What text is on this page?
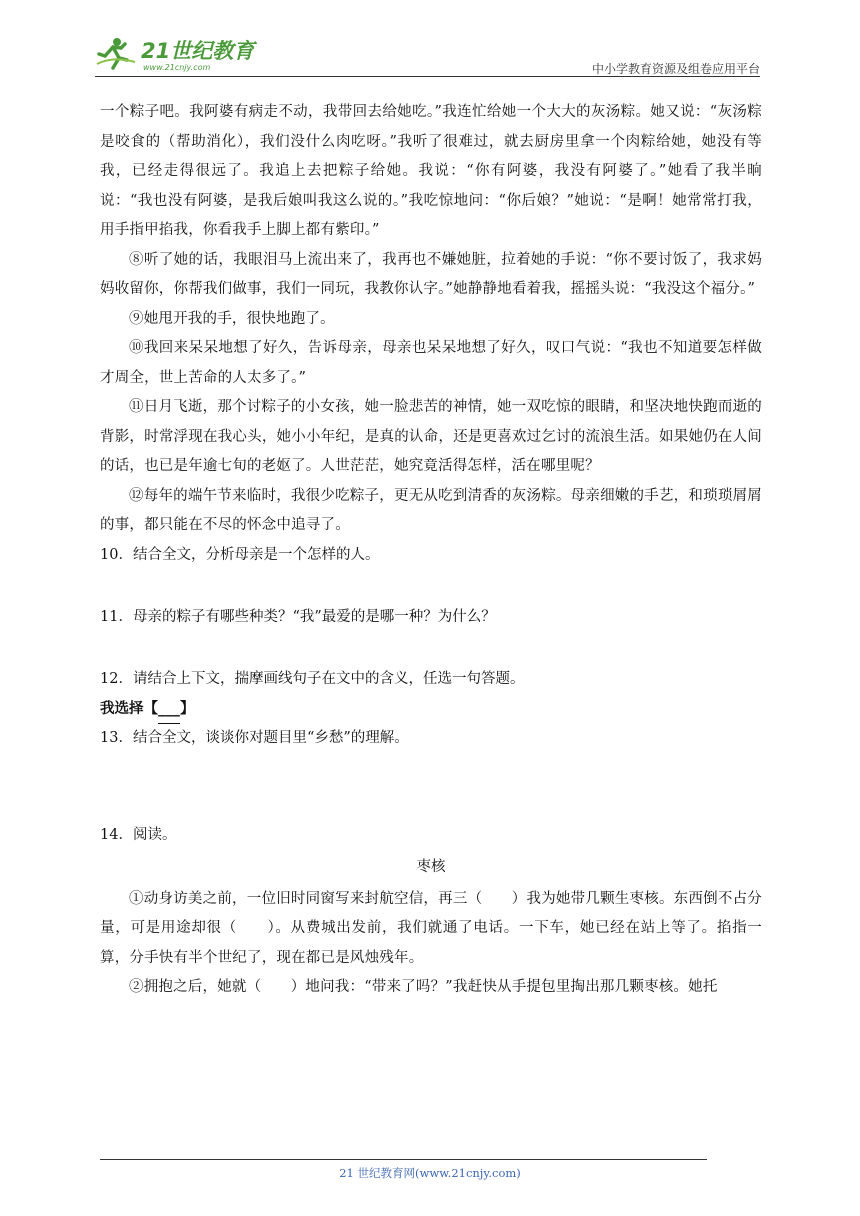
21世纪教育
www.21cnjy.com	中小学教育资源及组卷应用平台

一个粽子吧。我阿婆有病走不动，我带回去给她吃。”我连忙给她一个大大的灰汤粽。她又说：“灰汤粽是咬食的（帮助消化），我们没什么肉吃呀。”我听了很难过，就去厨房里拿一个肉粽给她，她没有等我，已经走得很远了。我追上去把粽子给她。我说：“你有阿婆，我没有阿婆了。”她看了我半晌说：“我也没有阿婆，是我后娘叫我这么说的。”我吃惊地问：“你后娘？”她说：“是啊！她常常打我，用手指甲掐我，你看我手上脚上都有紫印。”

⑧听了她的话，我眼泪马上流出来了，我再也不嫌她脏，拉着她的手说：“你不要讨饭了，我求妈妈收留你，你帮我们做事，我们一同玩，我教你认字。”她静静地看着我，摇摇头说：“我没这个福分。”

⑨她甩开我的手，很快地跑了。

⑩我回来呆呆地想了好久，告诉母亲，母亲也呆呆地想了好久，叹口气说：“我也不知道要怎样做才周全，世上苦命的人太多了。”

⑪日月飞逝，那个讨粽子的小女孩，她一脸悲苦的神情，她一双吃惊的眼睛，和坚决地快跑而逝的背影，时常浮现在我心头，她小小年纪，是真的认命，还是更喜欢过乞讨的流浪生活。如果她仍在人间的话，也已是年逾七旬的老妪了。人世茫茫，她究竟活得怎样，活在哪里呢？

⑫每年的端午节来临时，我很少吃粽子，更无从吃到清香的灰汤粽。母亲细嫩的手艺，和琐琐屑屑的事，都只能在不尽的怀念中追寻了。

10．结合全文，分析母亲是一个怎样的人。

11．母亲的粽子有哪些种类？“我”最爱的是哪一种？为什么？

12．请结合上下文，揣摩画线句子在文中的含义，任选一句答题。

我选择【___】

13．结合全文，谈谈你对题目里“乡愁”的理解。

14．阅读。

枣核

①动身访美之前，一位旧时同窗写来封航空信，再三（　　）我为她带几颗生枣核。东西倒不占分量，可是用途却很（　　）。从费城出发前，我们就通了电话。一下车，她已经在站上等了。掐指一算，分手快有半个世纪了，现在都已是风烛残年。

②拥抱之后，她就（　　）地问我：“带来了吗？”我赶快从手提包里掏出那几颗枣核。她托

21 世纪教育网(www.21cnjy.com)
